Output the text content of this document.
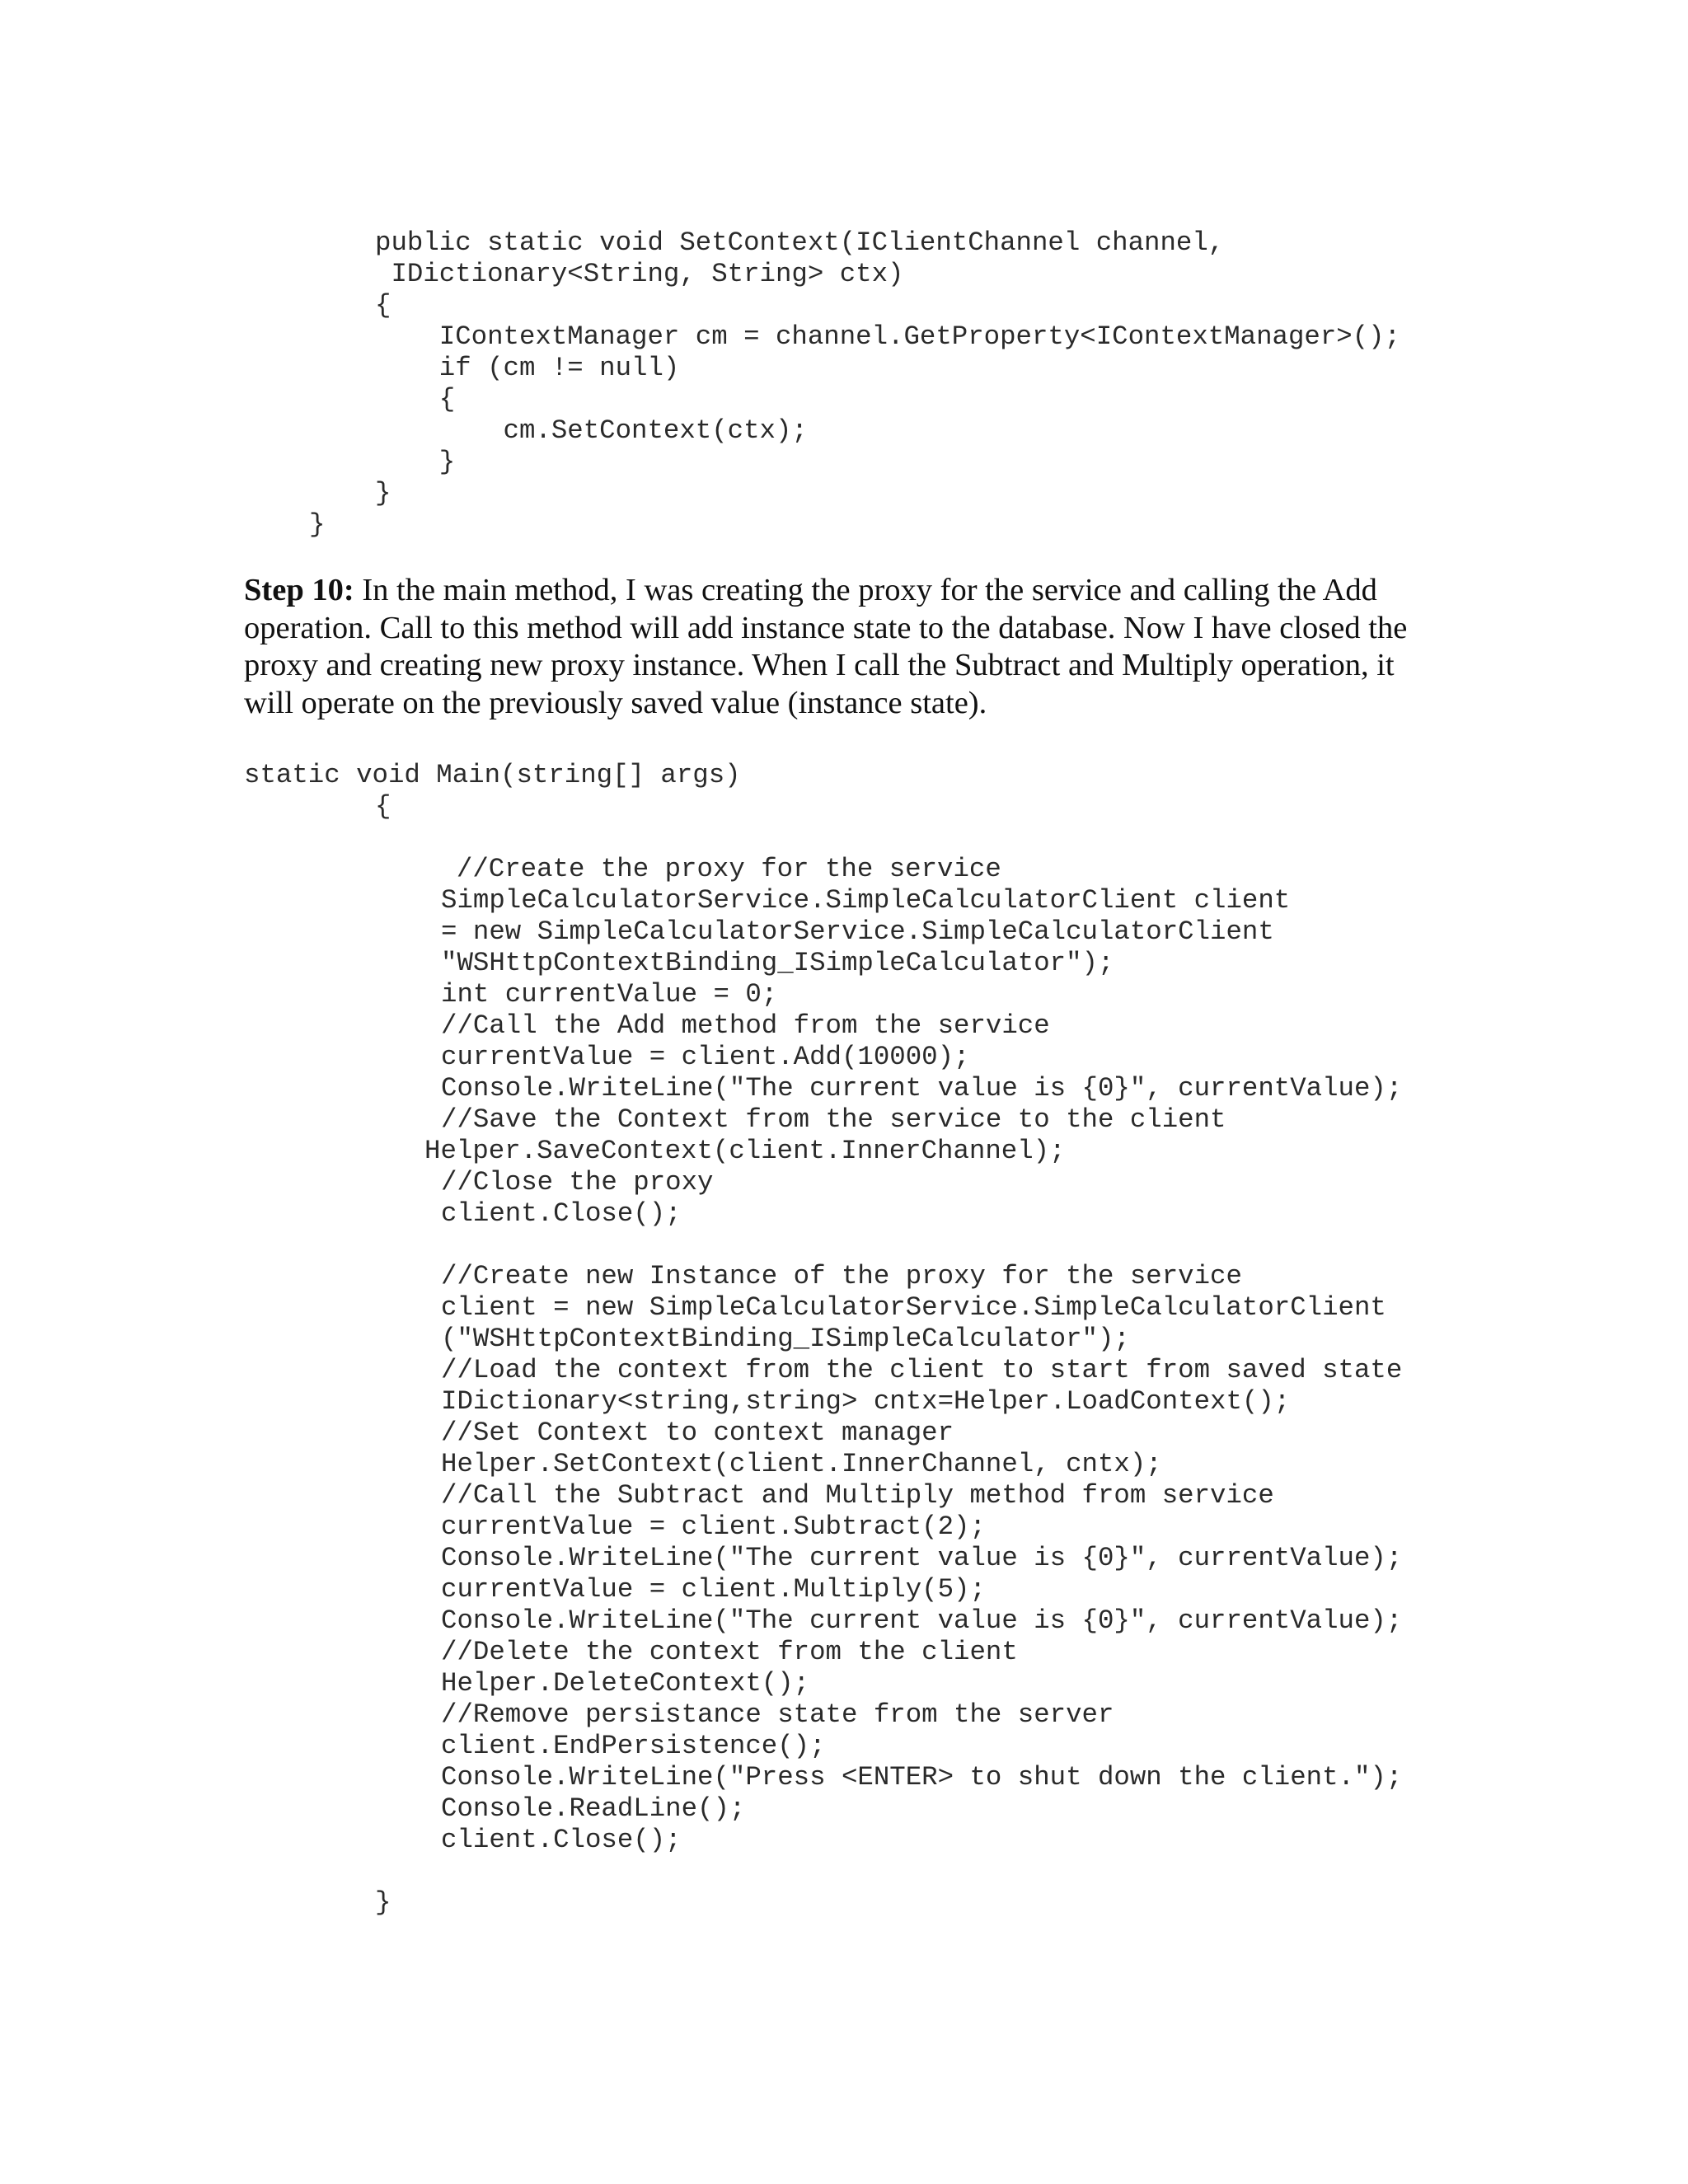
public static void SetContext(IClientChannel channel,
IDictionary<String, String> ctx)
{
IContextManager cm = channel.GetProperty<IContextManager>();
if (cm != null)
{
cm.SetContext(ctx);
}
}
}

Step 10: In the main method, I was creating the proxy for the service and calling the Add operation. Call to this method will add instance state to the database. Now I have closed the proxy and creating new proxy instance. When I call the Subtract and Multiply operation, it will operate on the previously saved value (instance state).

static void Main(string[] args)
{
//Create the proxy for the service
SimpleCalculatorService.SimpleCalculatorClient client
= new SimpleCalculatorService.SimpleCalculatorClient
"WSHttpContextBinding_ISimpleCalculator");
int currentValue = 0;
//Call the Add method from the service
currentValue = client.Add(10000);
Console.WriteLine("The current value is {0}", currentValue);
//Save the Context from the service to the client
Helper.SaveContext(client.InnerChannel);
//Close the proxy
client.Close();
//Create new Instance of the proxy for the service
client = new SimpleCalculatorService.SimpleCalculatorClient
("WSHttpContextBinding_ISimpleCalculator");
//Load the context from the client to start from saved state
IDictionary<string,string> cntx=Helper.LoadContext();
//Set Context to context manager
Helper.SetContext(client.InnerChannel, cntx);
//Call the Subtract and Multiply method from service
currentValue = client.Subtract(2);
Console.WriteLine("The current value is {0}", currentValue);
currentValue = client.Multiply(5);
Console.WriteLine("The current value is {0}", currentValue);
//Delete the context from the client
Helper.DeleteContext();
//Remove persistance state from the server
client.EndPersistence();
Console.WriteLine("Press <ENTER> to shut down the client.");
Console.ReadLine();
client.Close();
}
